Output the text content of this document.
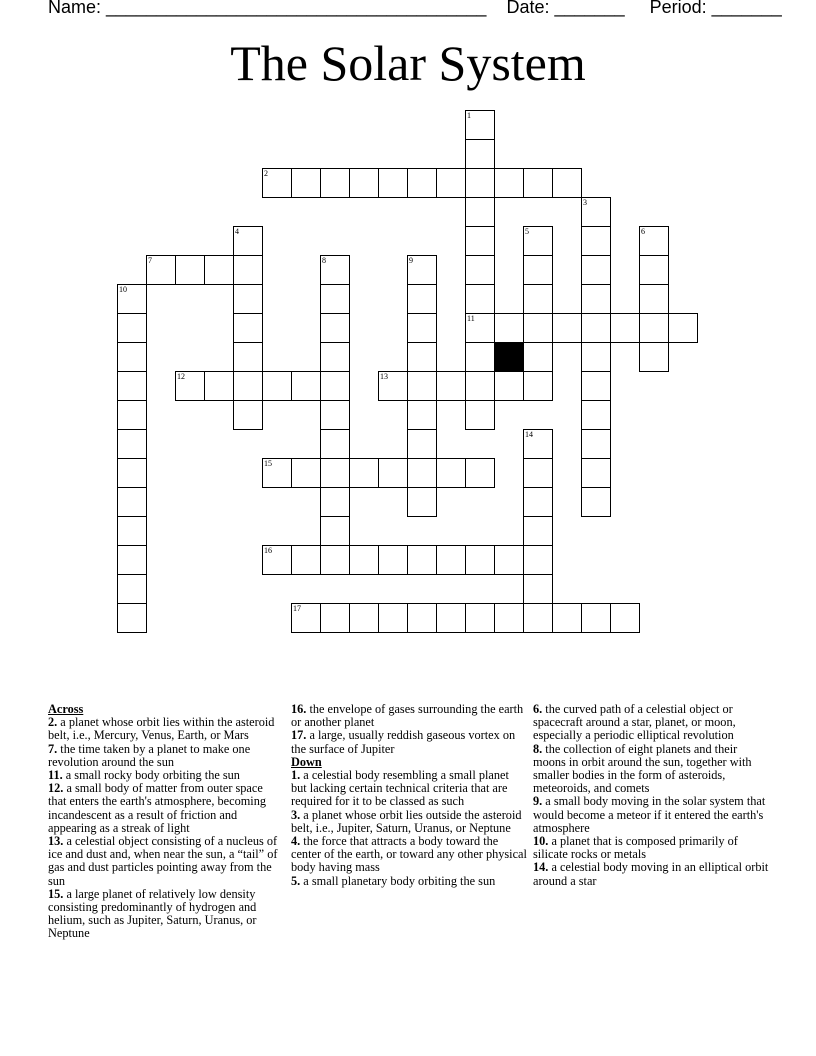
Name: ______________________________________ Date: _______ Period: _______
The Solar System
1
11
2
3
4	5	6
7	8	9
10
12	13
14
15
16
17
Across

2. a planet whose orbit lies within the asteroid belt, i.e., Mercury, Venus, Earth, or Mars

7. the time taken by a planet to make one revolution around the sun

11. a small rocky body orbiting the sun

12. a small body of matter from outer space that enters the earth's atmosphere, becoming incandescent as a result of friction and appearing as a streak of light

13. a celestial object consisting of a nucleus of ice and dust and, when near the sun, a “tail” of gas and dust particles pointing away from the sun

15. a large planet of relatively low density consisting predominantly of hydrogen and helium, such as Jupiter, Saturn, Uranus, or Neptune

16. the envelope of gases surrounding the earth or another planet

17. a large, usually reddish gaseous vortex on the surface of Jupiter

Down

1. a celestial body resembling a small planet but lacking certain technical criteria that are required for it to be classed as such

3. a planet whose orbit lies outside the asteroid belt, i.e., Jupiter, Saturn, Uranus, or Neptune

4. the force that attracts a body toward the center of the earth, or toward any other physical body having mass

5. a small planetary body orbiting the sun

6. the curved path of a celestial object or spacecraft around a star, planet, or moon, especially a periodic elliptical revolution

8. the collection of eight planets and their moons in orbit around the sun, together with smaller bodies in the form of asteroids, meteoroids, and comets

9. a small body moving in the solar system that would become a meteor if it entered the earth's atmosphere

10. a planet that is composed primarily of silicate rocks or metals

14. a celestial body moving in an elliptical orbit around a star
